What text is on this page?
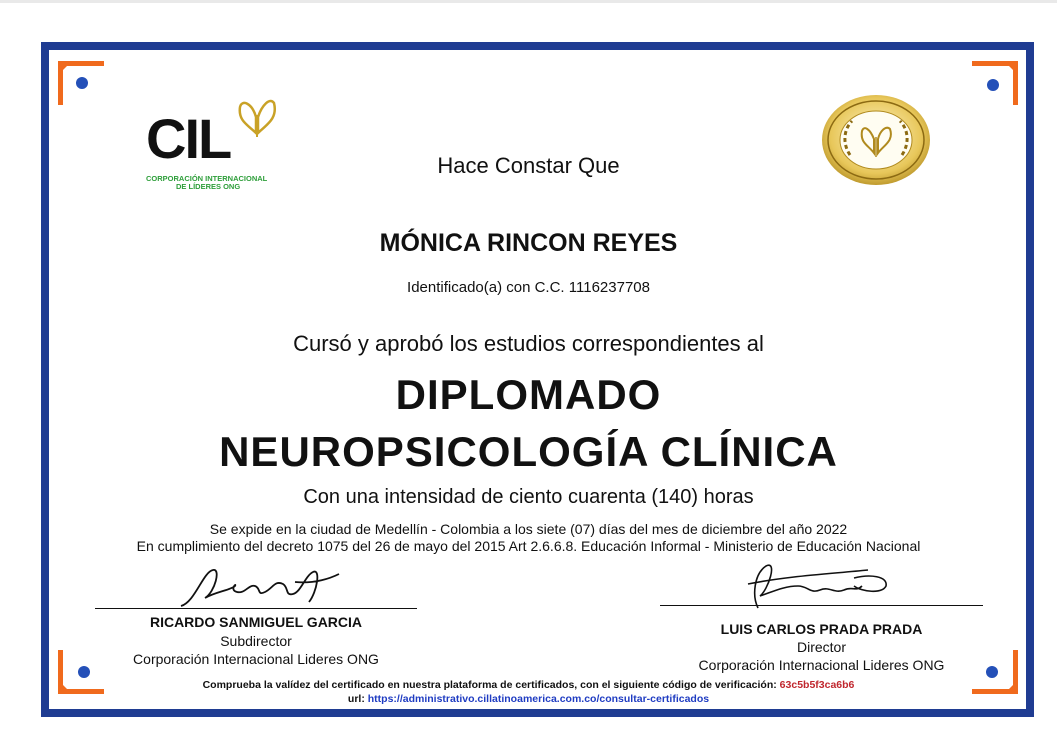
CIL
CORPORACIÓN INTERNACIONAL
DE LÍDERES ONG
Hace Constar Que
MÓNICA RINCON REYES
Identificado(a) con C.C. 1116237708
Cursó y aprobó los estudios correspondientes al
DIPLOMADO
NEUROPSICOLOGÍA CLÍNICA
Con una intensidad de ciento cuarenta (140) horas
Se expide en la ciudad de Medellín - Colombia a los siete (07) días del mes de diciembre del año 2022
En cumplimiento del decreto 1075 del 26 de mayo del 2015 Art 2.6.6.8. Educación Informal - Ministerio de Educación Nacional
RICARDO SANMIGUEL GARCIA
Subdirector
Corporación Internacional Lideres ONG
LUIS CARLOS PRADA PRADA
Director
Corporación Internacional Lideres ONG
Comprueba la valídez del certificado en nuestra plataforma de certificados, con el siguiente código de verificación: 63c5b5f3ca6b6
url: https://administrativo.cillatinoamerica.com.co/consultar-certificados
